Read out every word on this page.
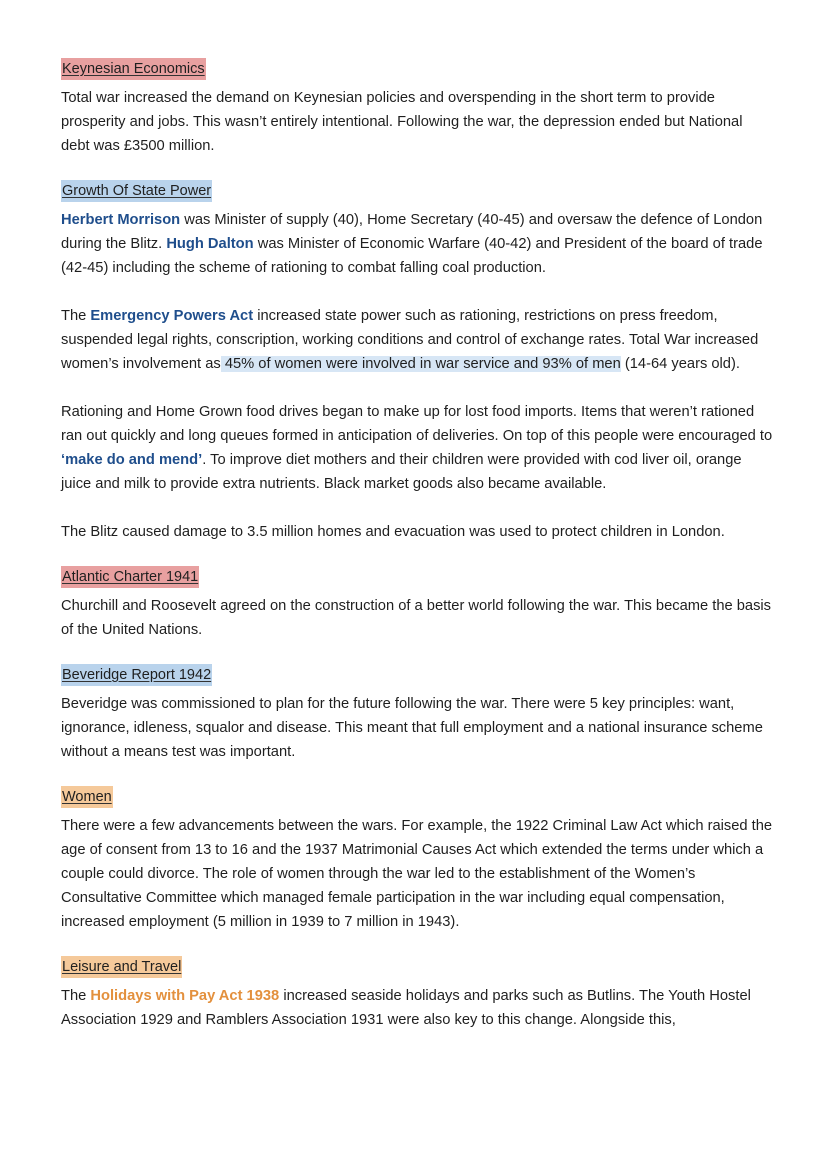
Keynesian Economics

Total war increased the demand on Keynesian policies and overspending in the short term to provide prosperity and jobs. This wasn’t entirely intentional. Following the war, the depression ended but National debt was £3500 million.

Growth Of State Power

Herbert Morrison was Minister of supply (40), Home Secretary (40-45) and oversaw the defence of London during the Blitz. Hugh Dalton was Minister of Economic Warfare (40-42) and President of the board of trade (42-45) including the scheme of rationing to combat falling coal production.

The Emergency Powers Act increased state power such as rationing, restrictions on press freedom, suspended legal rights, conscription, working conditions and control of exchange rates. Total War increased women’s involvement as 45% of women were involved in war service and 93% of men (14-64 years old).

Rationing and Home Grown food drives began to make up for lost food imports. Items that weren’t rationed ran out quickly and long queues formed in anticipation of deliveries. On top of this people were encouraged to ‘make do and mend’. To improve diet mothers and their children were provided with cod liver oil, orange juice and milk to provide extra nutrients. Black market goods also became available.

The Blitz caused damage to 3.5 million homes and evacuation was used to protect children in London.

Atlantic Charter 1941

Churchill and Roosevelt agreed on the construction of a better world following the war. This became the basis of the United Nations.

Beveridge Report 1942

Beveridge was commissioned to plan for the future following the war. There were 5 key principles: want, ignorance, idleness, squalor and disease. This meant that full employment and a national insurance scheme without a means test was important.

Women

There were a few advancements between the wars. For example, the 1922 Criminal Law Act which raised the age of consent from 13 to 16 and the 1937 Matrimonial Causes Act which extended the terms under which a couple could divorce. The role of women through the war led to the establishment of the Women’s Consultative Committee which managed female participation in the war including equal compensation, increased employment (5 million in 1939 to 7 million in 1943).

Leisure and Travel

The Holidays with Pay Act 1938 increased seaside holidays and parks such as Butlins. The Youth Hostel Association 1929 and Ramblers Association 1931 were also key to this change. Alongside this,
